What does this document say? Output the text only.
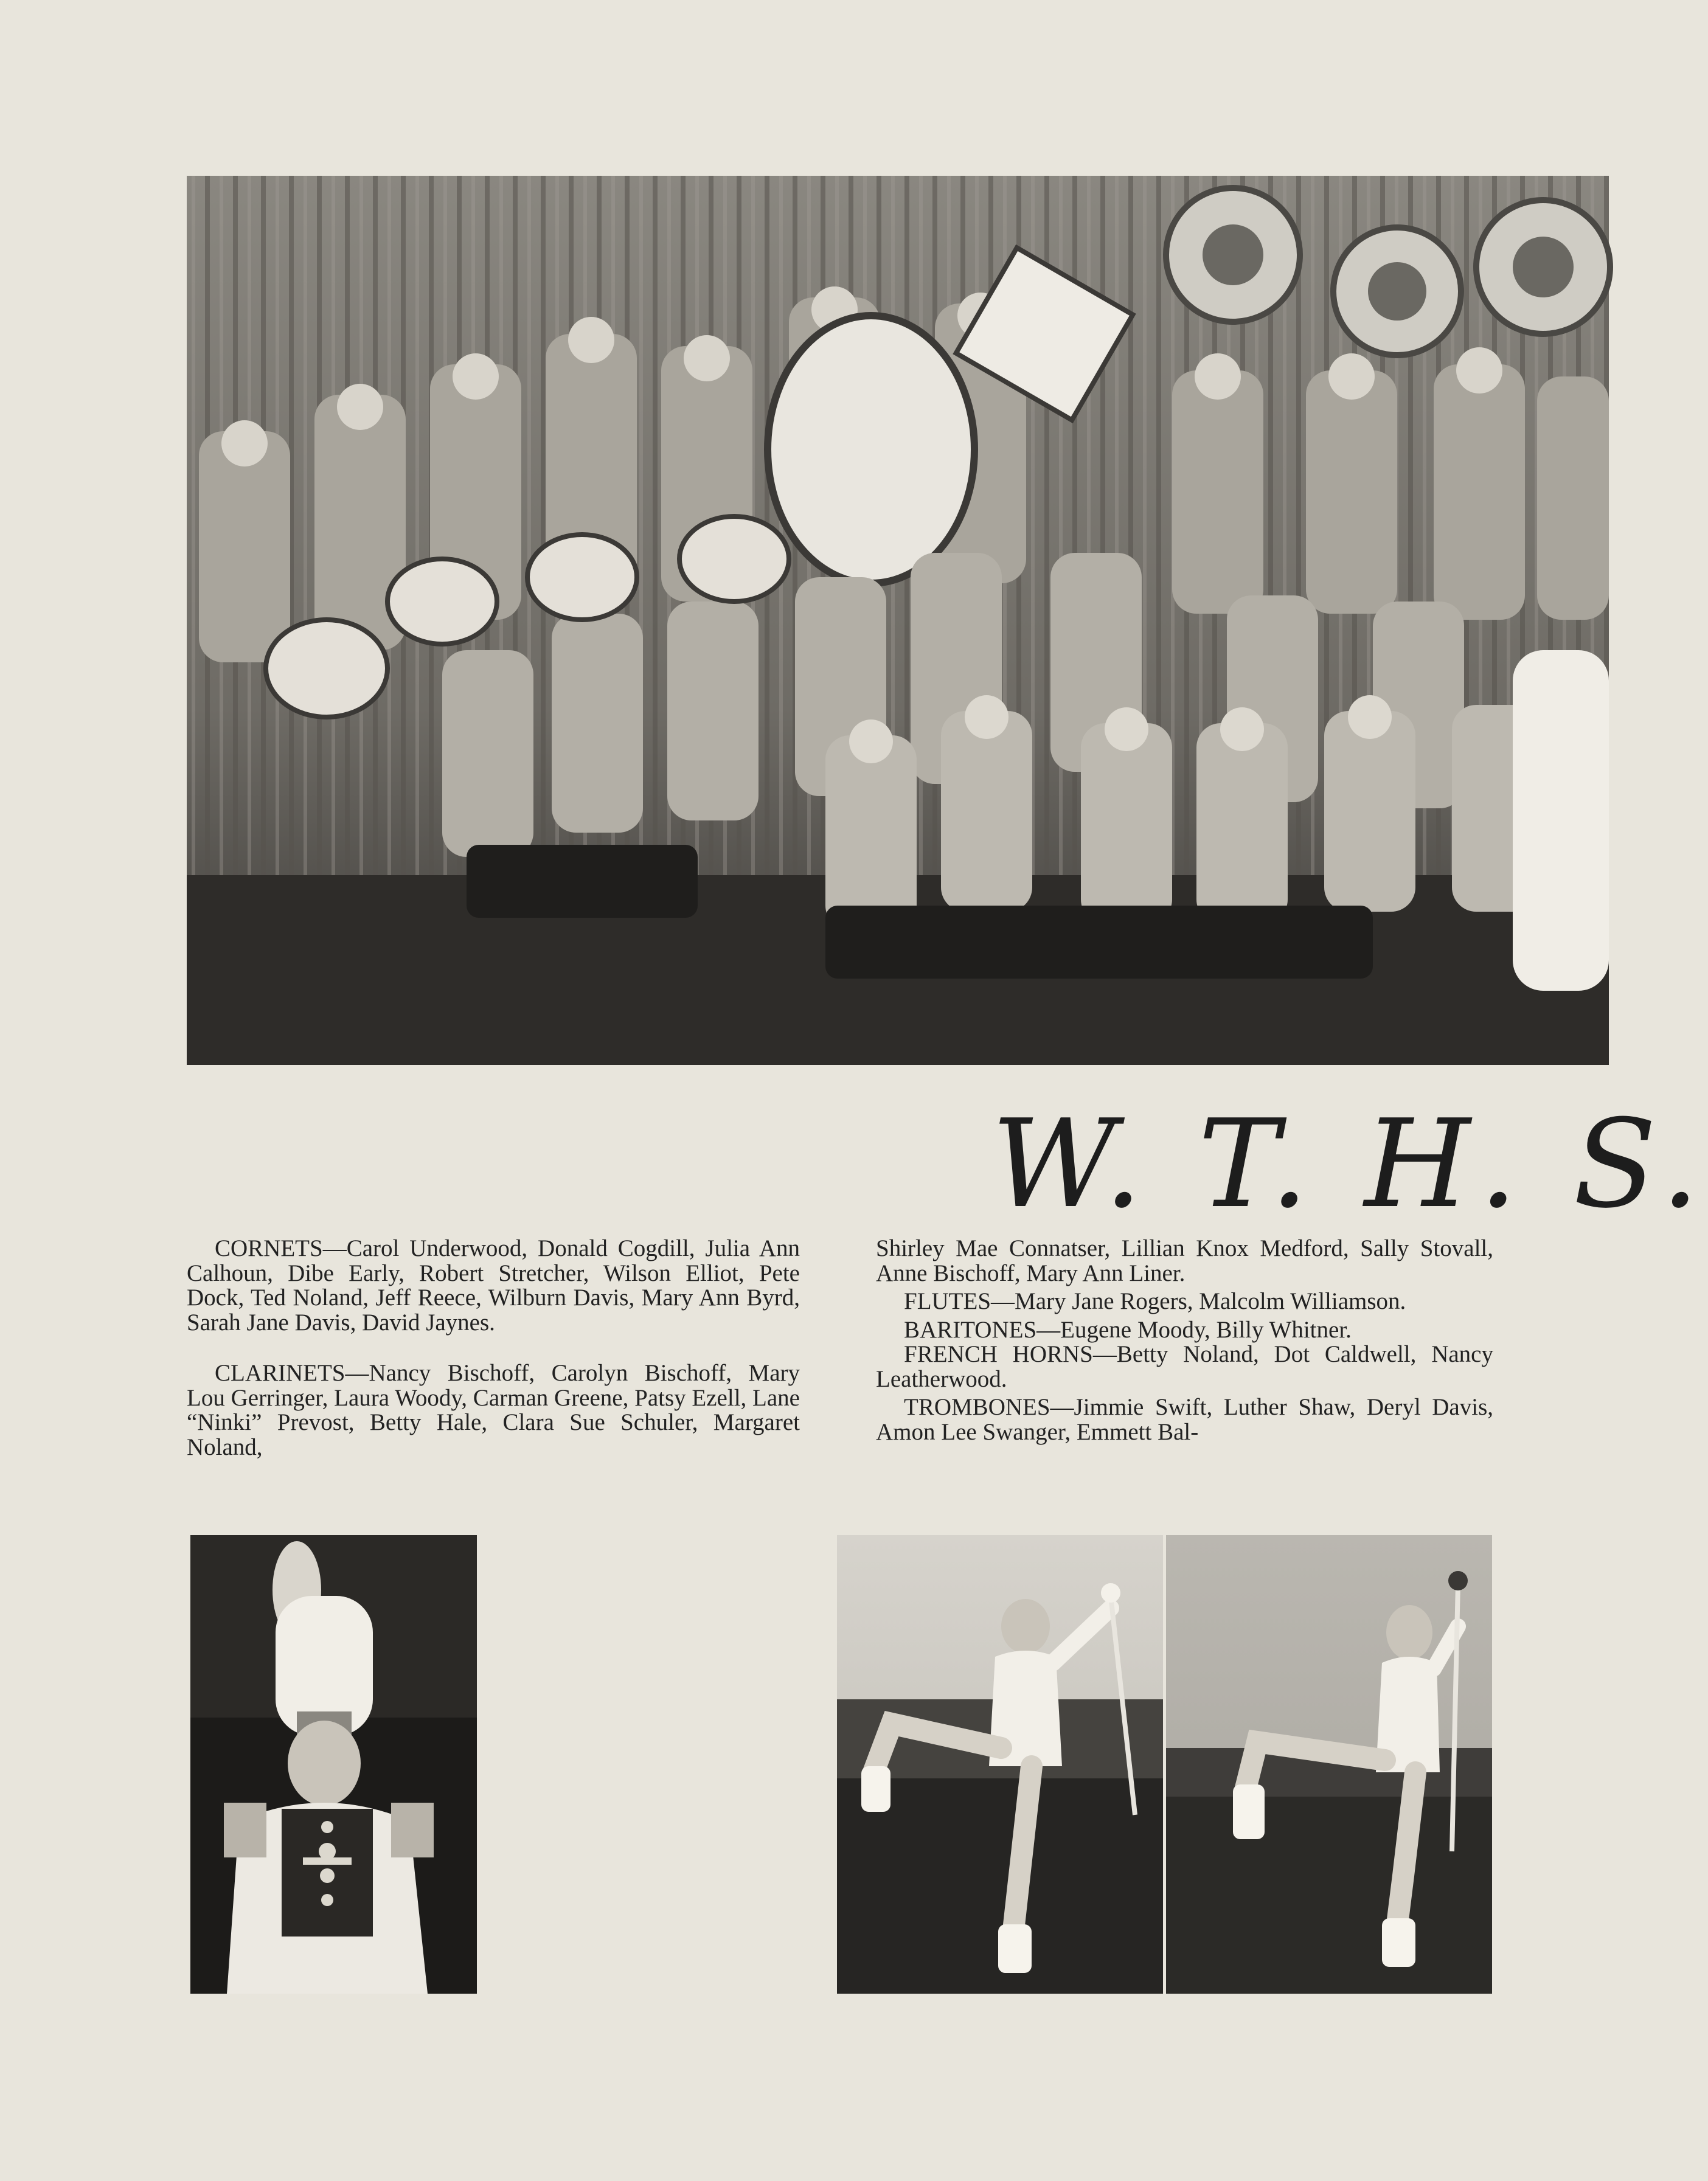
W. T. H. S.

CORNETS—Carol Underwood, Donald Cogdill, Julia Ann Calhoun, Dibe Early, Robert Stretcher, Wilson Elliot, Pete Dock, Ted Noland, Jeff Reece, Wilburn Davis, Mary Ann Byrd, Sarah Jane Davis, David Jaynes.

CLARINETS—Nancy Bischoff, Carolyn Bischoff, Mary Lou Gerringer, Laura Woody, Carman Greene, Patsy Ezell, Lane “Ninki” Prevost, Betty Hale, Clara Sue Schuler, Margaret Noland,

Shirley Mae Connatser, Lillian Knox Medford, Sally Stovall, Anne Bischoff, Mary Ann Liner.

FLUTES—Mary Jane Rogers, Malcolm Williamson.

BARITONES—Eugene Moody, Billy Whitner.

FRENCH HORNS—Betty Noland, Dot Caldwell, Nancy Leatherwood.

TROMBONES—Jimmie Swift, Luther Shaw, Deryl Davis, Amon Lee Swanger, Emmett Bal-
